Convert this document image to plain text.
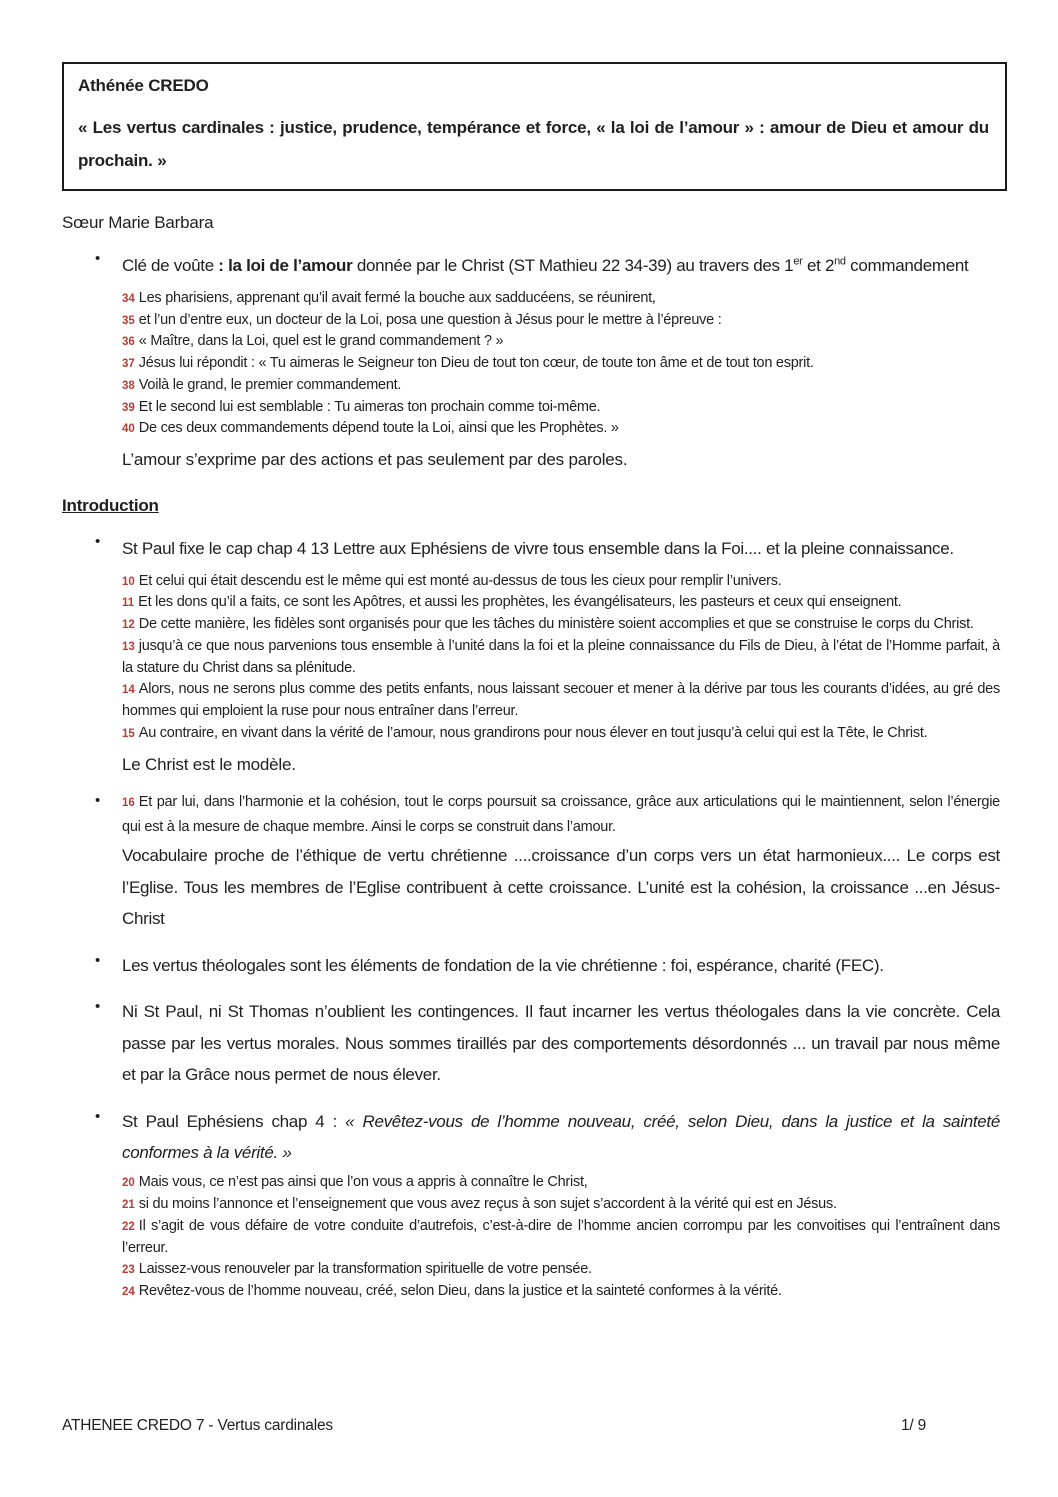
Athénée CREDO
« Les vertus cardinales : justice, prudence, tempérance et force, « la loi de l’amour » : amour de Dieu et amour du prochain. »
Sœur Marie Barbara
•	Clé de voûte : la loi de l’amour donnée par le Christ (ST Mathieu 22 34-39) au travers des 1er et 2nd commandement

34 Les pharisiens, apprenant qu’il avait fermé la bouche aux sadducéens, se réunirent,

35 et l’un d’entre eux, un docteur de la Loi, posa une question à Jésus pour le mettre à l’épreuve :

36 « Maître, dans la Loi, quel est le grand commandement ? »

37 Jésus lui répondit : « Tu aimeras le Seigneur ton Dieu de tout ton cœur, de toute ton âme et de tout ton esprit.

38 Voilà le grand, le premier commandement.

39 Et le second lui est semblable : Tu aimeras ton prochain comme toi-même.

40 De ces deux commandements dépend toute la Loi, ainsi que les Prophètes. »

L’amour s’exprime par des actions et pas seulement par des paroles.
Introduction
•	St Paul fixe le cap chap 4 13 Lettre aux Ephésiens de vivre tous ensemble dans la Foi.... et la pleine connaissance.

10 Et celui qui était descendu est le même qui est monté au-dessus de tous les cieux pour remplir l’univers.

11 Et les dons qu’il a faits, ce sont les Apôtres, et aussi les prophètes, les évangélisateurs, les pasteurs et ceux qui enseignent.

12 De cette manière, les fidèles sont organisés pour que les tâches du ministère soient accomplies et que se construise le corps du Christ.

13 jusqu’à ce que nous parvenions tous ensemble à l’unité dans la foi et la pleine connaissance du Fils de Dieu, à l’état de l’Homme parfait, à la stature du Christ dans sa plénitude.

14 Alors, nous ne serons plus comme des petits enfants, nous laissant secouer et mener à la dérive par tous les courants d’idées, au gré des hommes qui emploient la ruse pour nous entraîner dans l’erreur.

15 Au contraire, en vivant dans la vérité de l’amour, nous grandirons pour nous élever en tout jusqu’à celui qui est la Tête, le Christ.

Le Christ est le modèle.
•	16 Et par lui, dans l’harmonie et la cohésion, tout le corps poursuit sa croissance, grâce aux articulations qui le maintiennent, selon l’énergie qui est à la mesure de chaque membre. Ainsi le corps se construit dans l’amour.
Vocabulaire proche de l’éthique de vertu chrétienne ....croissance d’un corps vers un état harmonieux.... Le corps est l’Eglise. Tous les membres de l’Eglise contribuent à cette croissance. L’unité est la cohésion, la croissance ...en Jésus-Christ
•	Les vertus théologales sont les éléments de fondation de la vie chrétienne : foi, espérance, charité (FEC).
•	Ni St Paul, ni St Thomas n’oublient les contingences. Il faut incarner les vertus théologales dans la vie concrète. Cela passe par les vertus morales. Nous sommes tiraillés par des comportements désordonnés ... un travail par nous même et par la Grâce nous permet de nous élever.
•	St Paul Ephésiens chap 4 : « Revêtez-vous de l’homme nouveau, créé, selon Dieu, dans la justice et la sainteté conformes à la vérité. »

20 Mais vous, ce n’est pas ainsi que l’on vous a appris à connaître le Christ,

21 si du moins l’annonce et l’enseignement que vous avez reçus à son sujet s’accordent à la vérité qui est en Jésus.

22 Il s’agit de vous défaire de votre conduite d’autrefois, c’est-à-dire de l’homme ancien corrompu par les convoitises qui l’entraînent dans l’erreur.

23 Laissez-vous renouveler par la transformation spirituelle de votre pensée.

24 Revêtez-vous de l’homme nouveau, créé, selon Dieu, dans la justice et la sainteté conformes à la vérité.

ATHENEE CREDO 7 - Vertus cardinales	1/ 9
